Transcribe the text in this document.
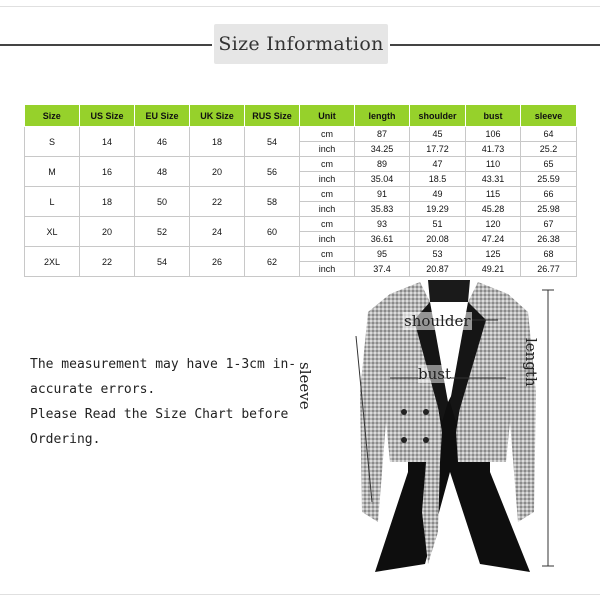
Size Information
Size	US Size	EU Size	UK Size	RUS Size	Unit	length	shoulder	bust	sleeve
S	14	46	18	54	cm	87	45	106	64
					inch	34.25	17.72	41.73	25.2
M	16	48	20	56	cm	89	47	110	65
					inch	35.04	18.5	43.31	25.59
L	18	50	22	58	cm	91	49	115	66
					inch	35.83	19.29	45.28	25.98
XL	20	52	24	60	cm	93	51	120	67
					inch	36.61	20.08	47.24	26.38
2XL	22	54	26	62	cm	95	53	125	68
					inch	37.4	20.87	49.21	26.77
The measurement may have 1-3cm in-
accurate errors.
Please Read the Size Chart before
Ordering.
shoulder
bust
sleeve	length
